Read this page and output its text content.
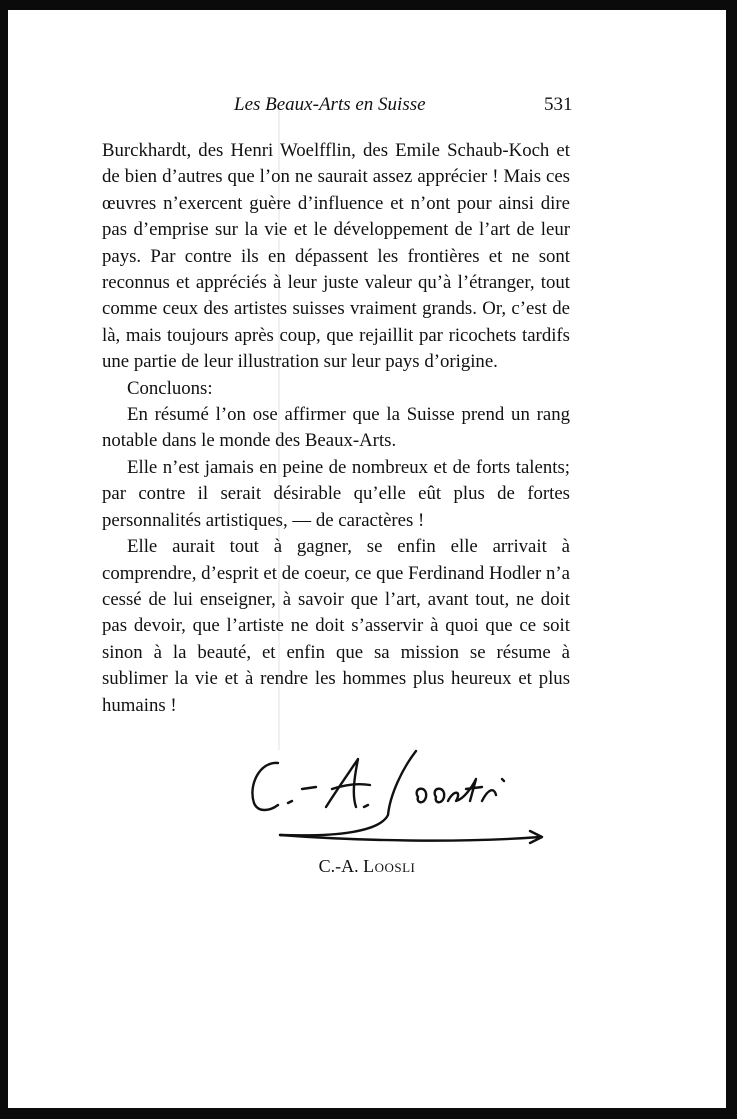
Les Beaux-Arts en Suisse	531

Burckhardt, des Henri Woelfflin, des Emile Schaub-Koch et de bien d’autres que l’on ne saurait assez apprécier ! Mais ces œuvres n’exercent guère d’influence et n’ont pour ainsi dire pas d’emprise sur la vie et le développement de l’art de leur pays. Par contre ils en dépassent les frontières et ne sont reconnus et appréciés à leur juste valeur qu’à l’étranger, tout comme ceux des artistes suisses vraiment grands. Or, c’est de là, mais toujours après coup, que rejaillit par ricochets tardifs une partie de leur illustration sur leur pays d’origine.

Concluons:

En résumé l’on ose affirmer que la Suisse prend un rang notable dans le monde des Beaux-Arts.

Elle n’est jamais en peine de nombreux et de forts talents; par contre il serait désirable qu’elle eût plus de fortes personnalités artistiques, — de caractères !

Elle aurait tout à gagner, se enfin elle arrivait à comprendre, d’esprit et de coeur, ce que Ferdinand Hodler n’a cessé de lui enseigner, à savoir que l’art, avant tout, ne doit pas devoir, que l’artiste ne doit s’asservir à quoi que ce soit sinon à la beauté, et enfin que sa mission se résume à sublimer la vie et à rendre les hommes plus heureux et plus humains !

C.-A. Loosli
